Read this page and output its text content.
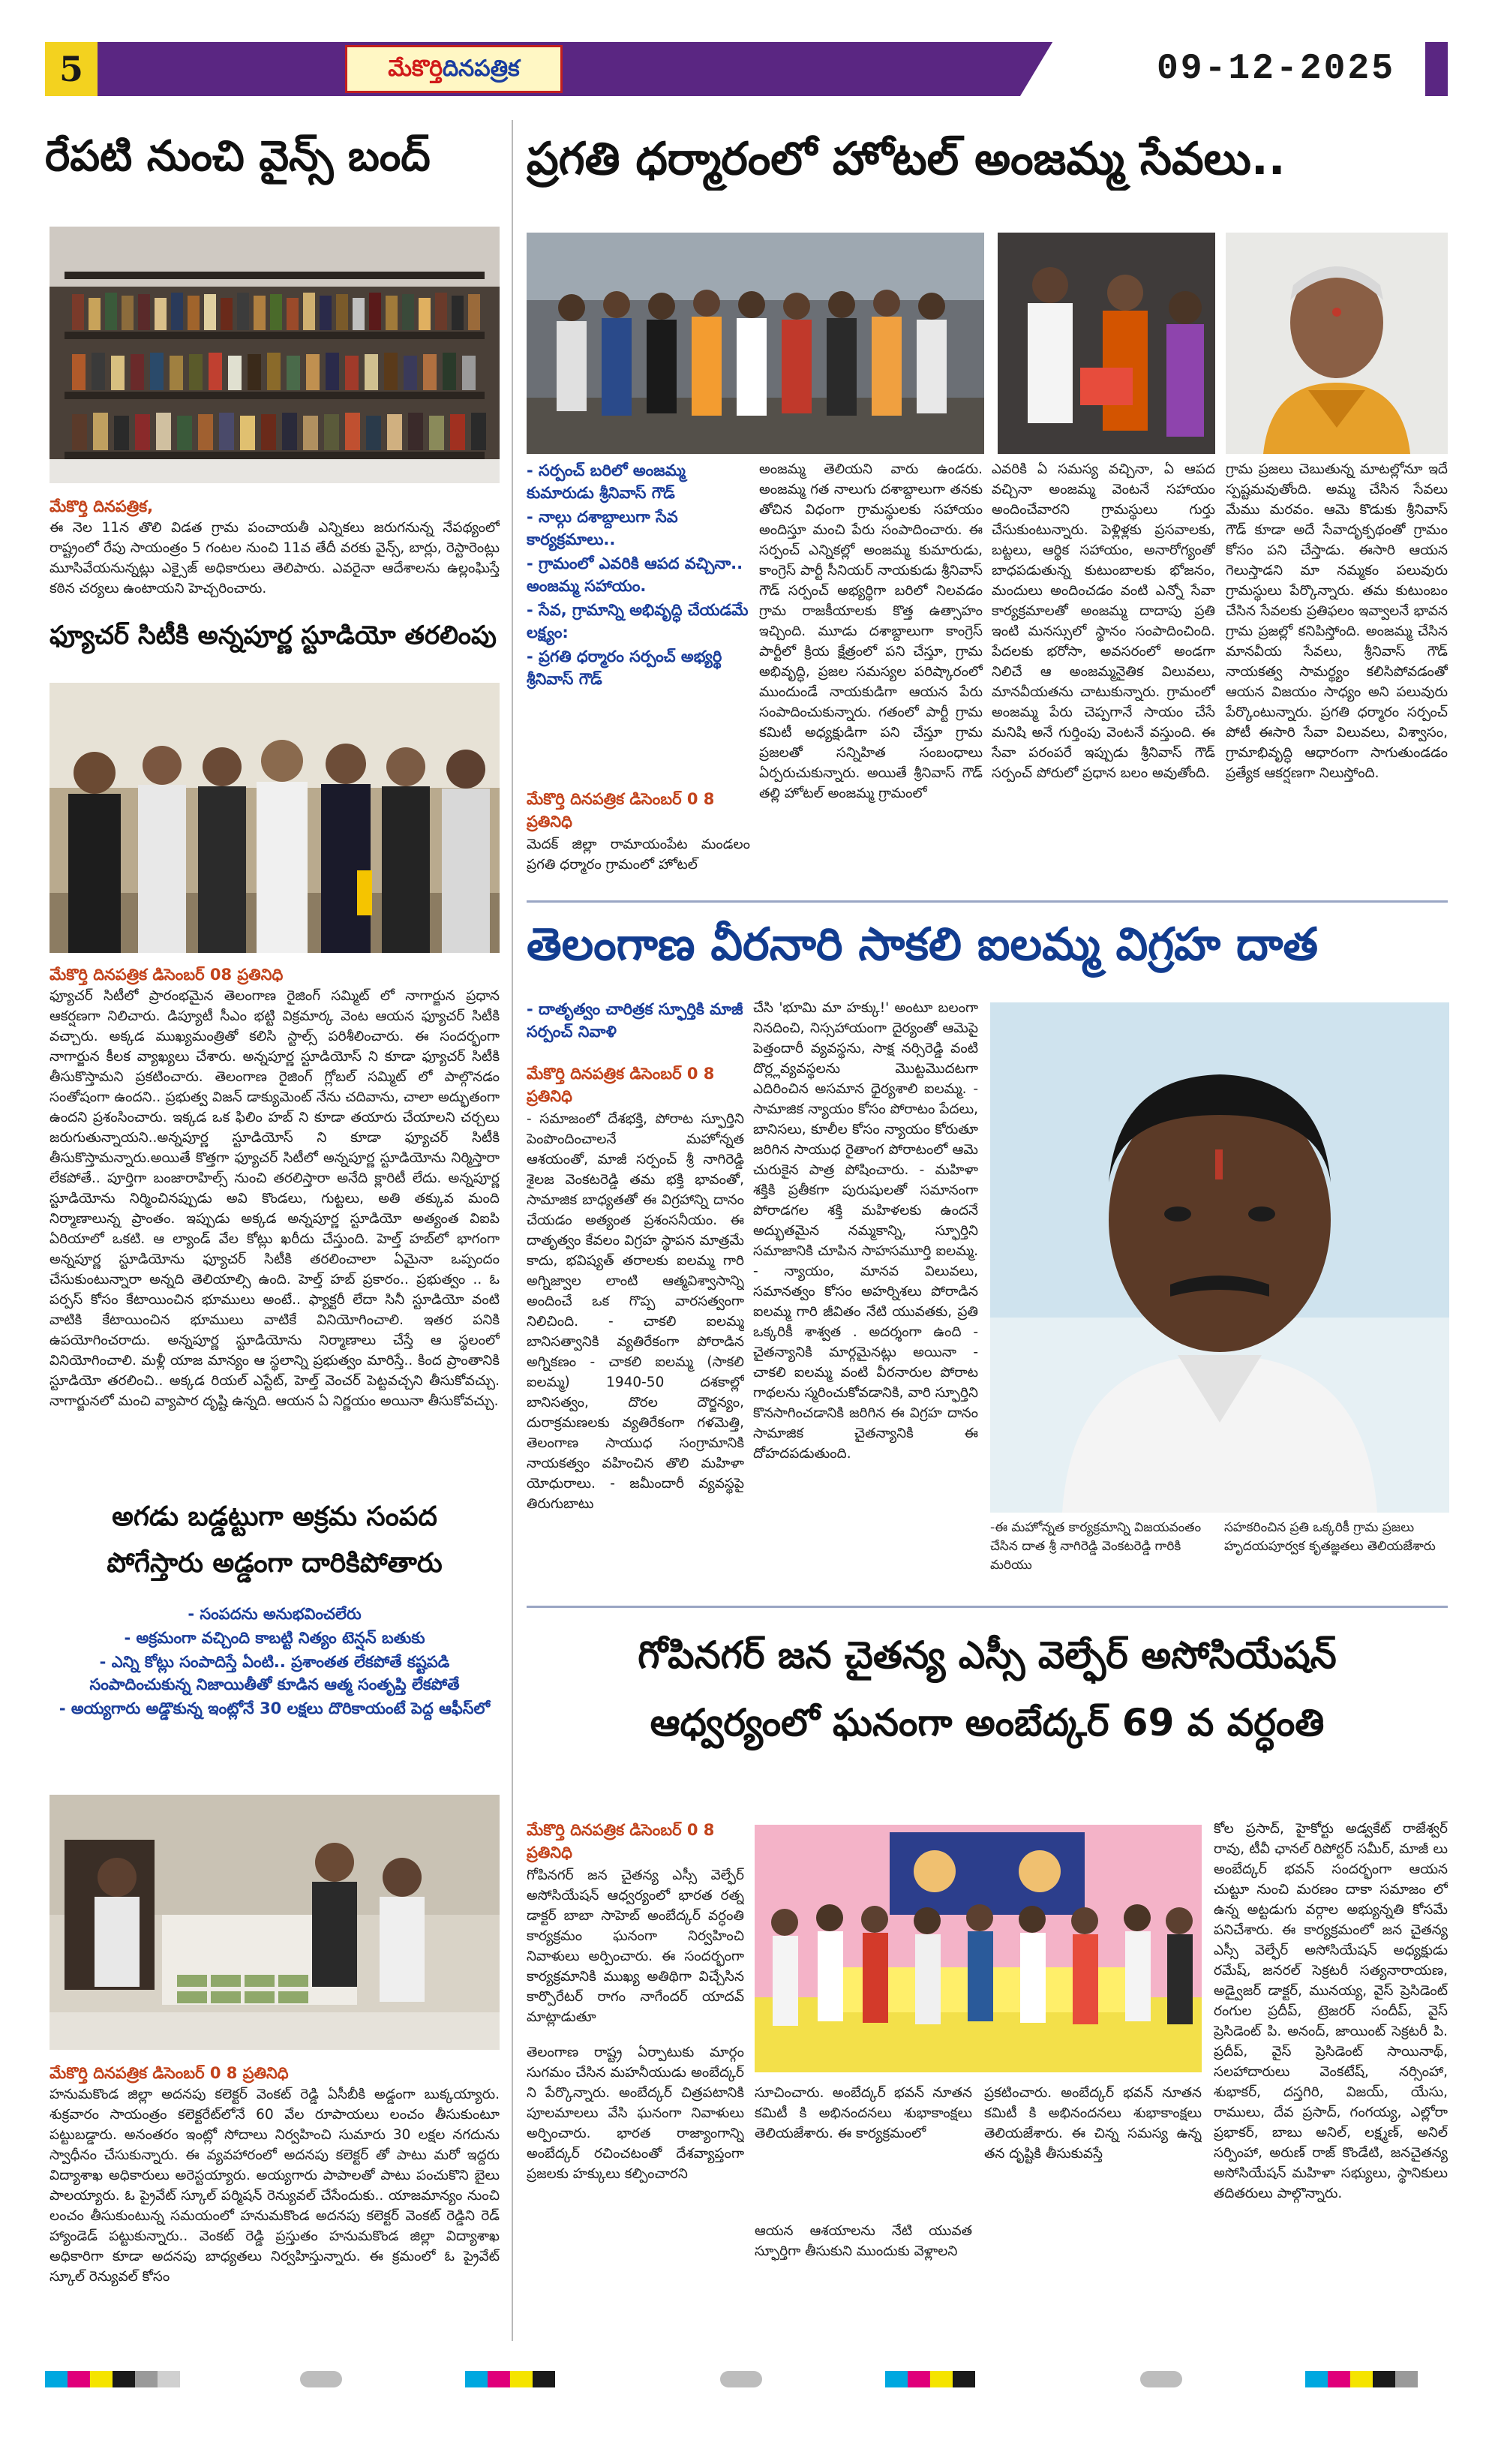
5	మేకొర్తిదినపత్రిక	09-12-2025
రేపటి నుంచి వైన్స్ బంద్
మేకొర్తి దినపత్రిక,
ఈ నెల 11న తొలి విడత గ్రామ పంచాయతీ ఎన్నికలు జరుగనున్న నేపథ్యంలో రాష్ట్రంలో రేపు సాయంత్రం 5 గంటల నుంచి 11వ తేదీ వరకు వైన్స్, బార్లు, రెస్టారెంట్లు మూసివేయనున్నట్లు ఎక్సైజ్ అధికారులు తెలిపారు. ఎవరైనా ఆదేశాలను ఉల్లంఘిస్తే కఠిన చర్యలు ఉంటాయని హెచ్చరించారు.
ఫ్యూచర్ సిటీకి అన్నపూర్ణ స్టూడియో తరలింపు
మేకొర్తి దినపత్రిక డిసెంబర్ 08 ప్రతినిధి
ఫ్యూచర్ సిటీలో ప్రారంభమైన తెలంగాణ రైజింగ్ సమ్మిట్ లో నాగార్జున ప్రధాన ఆకర్షణగా నిలిచారు. డిప్యూటీ సీఎం భట్టి విక్రమార్క వెంట ఆయన ఫ్యూచర్ సిటీకి వచ్చారు. అక్కడ ముఖ్యమంత్రితో కలిసి స్టాల్స్ పరిశీలించారు. ఈ సందర్భంగా నాగార్జున కీలక వ్యాఖ్యలు చేశారు. అన్నపూర్ణ స్టూడియోస్ ని కూడా ఫ్యూచర్ సిటీకి తీసుకొస్తామని ప్రకటించారు. తెలంగాణ రైజింగ్ గ్లోబల్ సమ్మిట్ లో పాల్గొనడం సంతోషంగా ఉందని.. ప్రభుత్వ విజన్ డాక్యుమెంట్ నేను చదివాను, చాలా అద్భుతంగా ఉందని ప్రశంసించారు. ఇక్కడ ఒక ఫిలిం హబ్ ని కూడా తయారు చేయాలని చర్చలు జరుగుతున్నాయని..అన్నపూర్ణ స్టూడియోస్ ని కూడా ఫ్యూచర్ సిటీకి తీసుకొస్తామన్నారు.అయితే కొత్తగా ఫ్యూచర్ సిటీలో అన్నపూర్ణ స్టూడియోను నిర్మిస్తారా లేకపోతే.. పూర్తిగా బంజారాహిల్స్ నుంచి తరలిస్తారా అనేది క్లారిటీ లేదు. అన్నపూర్ణ స్టూడియోను నిర్మించినప్పుడు అవి కొండలు, గుట్టలు, అతి తక్కువ మంది నిర్మాణాలున్న ప్రాంతం. ఇప్పుడు అక్కడ అన్నపూర్ణ స్టూడియో అత్యంత విఐపి ఏరియాలో ఒకటి. ఆ ల్యాండ్ వేల కోట్లు ఖరీదు చేస్తుంది. హెల్త్ హబ్‌లో భాగంగా అన్నపూర్ణ స్టూడియోను ఫ్యూచర్ సిటీకి తరలించాలా ఏమైనా ఒప్పందం చేసుకుంటున్నారా అన్నది తెలియాల్సి ఉంది. హెల్త్ హబ్ ప్రకారం.. ప్రభుత్వం .. ఓ పర్పస్ కోసం కేటాయించిన భూములు అంటే.. ఫ్యాక్టరీ లేదా సినీ స్టూడియో వంటి వాటికి కేటాయించిన భూములు వాటికే వినియోగించాలి. ఇతర పనికి ఉపయోగించరాదు. అన్నపూర్ణ స్టూడియోను నిర్మాణాలు చేస్తే ఆ స్థలంలో వినియోగించాలి. మళ్లీ యాజ మాన్యం ఆ స్థలాన్ని ప్రభుత్వం మారిస్తే.. కింద ప్రాంతానికి స్టూడియో తరలించి.. అక్కడ రియల్ ఎస్టేట్, హెల్త్ వెంచర్ పెట్టవచ్చని తీసుకోవచ్చు. నాగార్జునలో మంచి వ్యాపార దృష్టి ఉన్నది. ఆయన ఏ నిర్ణయం అయినా తీసుకోవచ్చు.
అగడు బడ్డట్టుగా అక్రమ సంపద
పోగేస్తారు అడ్డంగా దారికిపోతారు
- సంపదను అనుభవించలేరు
- అక్రమంగా వచ్చింది కాబట్టి నిత్యం టెన్షన్ బతుకు
- ఎన్ని కోట్లు సంపాదిస్తే ఏంటి.. ప్రశాంతత లేకపోతే కష్టపడి సంపాదించుకున్న నిజాయితీతో కూడిన ఆత్మ సంతృప్తి లేకపోతే
- అయ్యగారు అడ్డొకున్న ఇంట్లోనే 30 లక్షలు దొరికాయంటే పెద్ద ఆఫీస్‌లో
మేకొర్తి దినపత్రిక డిసెంబర్ 0 8 ప్రతినిధి
హనుమకొండ జిల్లా అదనపు కలెక్టర్ వెంకట్ రెడ్డి ఏసీబీకి అడ్డంగా బుక్కయ్యారు. శుక్రవారం సాయంత్రం కలెక్టరేట్‌లోనే 60 వేల రూపాయలు లంచం తీసుకుంటూ పట్టుబడ్డారు. అనంతరం ఇంట్లో సోదాలు నిర్వహించి సుమారు 30 లక్షల నగదును స్వాధీనం చేసుకున్నారు. ఈ వ్యవహారంలో అదనపు కలెక్టర్ తో పాటు మరో ఇద్దరు విద్యాశాఖ అధికారులు అరెస్టయ్యారు. అయ్యగారు పాపాలతో పాటు పంచుకొని బైలు పాలయ్యారు. ఓ ప్రైవేట్ స్కూల్ పర్మిషన్ రెన్యువల్ చేసేందుకు.. యాజమాన్యం నుంచి లంచం తీసుకుంటున్న సమయంలో హనుమకొండ అదనపు కలెక్టర్ వెంకట్ రెడ్డిని రెడ్ హ్యాండెడ్ పట్టుకున్నారు.. వెంకట్ రెడ్డి ప్రస్తుతం హనుమకొండ జిల్లా విద్యాశాఖ అధికారిగా కూడా అదనపు బాధ్యతలు నిర్వహిస్తున్నారు. ఈ క్రమంలో ఓ ప్రైవేట్ స్కూల్ రెన్యువల్ కోసం
ప్రగతి ధర్మారంలో హోటల్ అంజమ్మ సేవలు..
- సర్పంచ్ బరిలో అంజమ్మ కుమారుడు శ్రీనివాస్ గౌడ్
- నాల్గు దశాబ్దాలుగా సేవ కార్యక్రమాలు..
- గ్రామంలో ఎవరికి ఆపద వచ్చినా.. అంజమ్మ సహాయం.
- సేవ, గ్రామాన్ని అభివృద్ధి చేయడమే లక్ష్యం:
- ప్రగతి ధర్మారం సర్పంచ్ అభ్యర్థి శ్రీనివాస్ గౌడ్
మేకొర్తి దినపత్రిక డిసెంబర్ 0 8 ప్రతినిధి
మెదక్ జిల్లా రామాయంపేట మండలం ప్రగతి ధర్మారం గ్రామంలో హోటల్
అంజమ్మ తెలియని వారు ఉండరు. అంజమ్మ గత నాలుగు దశాబ్దాలుగా తనకు తోచిన విధంగా గ్రామస్థులకు సహాయం అందిస్తూ మంచి పేరు సంపాదించారు. ఈ సర్పంచ్ ఎన్నికల్లో అంజమ్మ కుమారుడు, కాంగ్రెస్ పార్టీ సీనియర్ నాయకుడు శ్రీనివాస్ గౌడ్ సర్పంచ్ అభ్యర్థిగా బరిలో నిలవడం గ్రామ రాజకీయాలకు కొత్త ఉత్సాహం ఇచ్చింది. మూడు దశాబ్దాలుగా కాంగ్రెస్ పార్టీలో క్రియ క్షేత్రంలో పని చేస్తూ, గ్రామ అభివృద్ధి, ప్రజల సమస్యల పరిష్కారంలో ముందుండే నాయకుడిగా ఆయన పేరు సంపాదించుకున్నారు. గతంలో పార్టీ గ్రామ కమిటీ అధ్యక్షుడిగా పని చేస్తూ గ్రామ ప్రజలతో సన్నిహిత సంబంధాలు ఏర్పరుచుకున్నారు. అయితే శ్రీనివాస్ గౌడ్ తల్లి హోటల్ అంజమ్మ గ్రామంలో
ఎవరికి ఏ సమస్య వచ్చినా, ఏ ఆపద వచ్చినా అంజమ్మ వెంటనే సహాయం అందించేవారని గ్రామస్థులు గుర్తు చేసుకుంటున్నారు. పెళ్లిళ్లకు ప్రసవాలకు, బట్టలు, ఆర్థిక సహాయం, అనారోగ్యంతో బాధపడుతున్న కుటుంబాలకు భోజనం, మందులు అందించడం వంటి ఎన్నో సేవా కార్యక్రమాలతో అంజమ్మ దాదాపు ప్రతి ఇంటి మనస్సులో స్థానం సంపాదించింది. పేదలకు భరోసా, అవసరంలో అండగా నిలిచే ఆ అంజమ్మనైతిక విలువలు, మానవీయతను చాటుకున్నారు. గ్రామంలో అంజమ్మ పేరు చెప్పగానే సాయం చేసే మనిషి అనే గుర్తింపు వెంటనే వస్తుంది. ఈ సేవా పరంపరే ఇప్పుడు శ్రీనివాస్ గౌడ్ సర్పంచ్ పోరులో ప్రధాన బలం అవుతోంది.
గ్రామ ప్రజలు చెబుతున్న మాటల్లోనూ ఇదే స్పష్టమవుతోంది. అమ్మ చేసిన సేవలు మేము మరవం. ఆమె కొడుకు శ్రీనివాస్ గౌడ్ కూడా అదే సేవాదృక్పథంతో గ్రామం కోసం పని చేస్తాడు. ఈసారి ఆయన గెలుస్తాడని మా నమ్మకం పలువురు గ్రామస్థులు పేర్కొన్నారు. తమ కుటుంబం చేసిన సేవలకు ప్రతిఫలం ఇవ్వాలనే భావన గ్రామ ప్రజల్లో కనిపిస్తోంది. అంజమ్మ చేసిన మానవీయ సేవలు, శ్రీనివాస్ గౌడ్ నాయకత్వ సామర్థ్యం కలిసిపోవడంతో ఆయన విజయం సాధ్యం అని పలువురు పేర్కొంటున్నారు. ప్రగతి ధర్మారం సర్పంచ్ పోటీ ఈసారి సేవా విలువలు, విశ్వాసం, గ్రామాభివృద్ధి ఆధారంగా సాగుతుండడం ప్రత్యేక ఆకర్షణగా నిలుస్తోంది.
తెలంగాణ వీరనారి సాకలి ఐలమ్మ విగ్రహ దాత
- దాతృత్వం చారిత్రక స్ఫూర్తికి మాజీ సర్పంచ్ నివాళి
మేకొర్తి దినపత్రిక డిసెంబర్ 0 8 ప్రతినిధి
- సమాజంలో దేశభక్తి, పోరాట స్ఫూర్తిని పెంపొందించాలనే మహోన్నత ఆశయంతో, మాజీ సర్పంచ్ శ్రీ నాగిరెడ్డి శైలజ వెంకటరెడ్డి తమ భక్తి భావంతో, సామాజిక బాధ్యతతో ఈ విగ్రహాన్ని దానం చేయడం అత్యంత ప్రశంసనీయం. ఈ దాతృత్వం కేవలం విగ్రహ స్థాపన మాత్రమే కాదు, భవిష్యత్ తరాలకు ఐలమ్మ గారి అగ్నిజ్వాల లాంటి ఆత్మవిశ్వాసాన్ని అందించే ఒక గొప్ప వారసత్వంగా నిలిచింది. - చాకలి ఐలమ్మ బానిసత్వానికి వ్యతిరేకంగా పోరాడిన అగ్నికణం - చాకలి ఐలమ్మ (సాకలి ఐలమ్మ) 1940-50 దశకాల్లో బానిసత్వం, దొరల దౌర్జన్యం, దురాక్రమణలకు వ్యతిరేకంగా గళమెత్తి, తెలంగాణ సాయుధ సంగ్రామానికి నాయకత్వం వహించిన తొలి మహిళా యోధురాలు. - జమీందారీ వ్యవస్థపై తిరుగుబాటు
చేసి 'భూమి మా హక్కు!' అంటూ బలంగా నినదించి, నిస్సహాయంగా దైర్యంతో ఆమెపై పెత్తందారీ వ్యవస్థను, సాక్ష నర్సిరెడ్డి వంటి దొర్ల్లవ్యవస్థలను మొట్టమొదటగా ఎదిరించిన అసమాన ధైర్యశాలి ఐలమ్మ. - సామాజిక న్యాయం కోసం పోరాటం పేదలు, బానిసలు, కూలీల కోసం న్యాయం కోరుతూ జరిగిన సాయుధ రైతాంగ పోరాటంలో ఆమె చురుకైన పాత్ర పోషించారు. - మహిళా శక్తికి ప్రతీకగా పురుషులతో సమానంగా పోరాడగల శక్తి మహిళలకు ఉందనే అద్భుతమైన నమ్మకాన్ని, స్ఫూర్తిని సమాజానికి చూపిన సాహసమూర్తి ఐలమ్మ. - న్యాయం, మానవ విలువలు, సమానత్వం కోసం అహర్నిశలు పోరాడిన ఐలమ్మ గారి జీవితం నేటి యువతకు, ప్రతి ఒక్కరికీ శాశ్వత . అదర్శంగా ఉంది - చైతన్యానికి మార్గమైనట్లు అయినా - చాకలి ఐలమ్మ వంటి వీరనారుల పోరాట గాథలను స్మరించుకోవడానికి, వారి స్ఫూర్తిని కొనసాగించడానికి జరిగిన ఈ విగ్రహ దానం సామాజిక చైతన్యానికి ఈ దోహదపడుతుంది.
-ఈ మహోన్నత కార్యక్రమాన్ని విజయవంతం చేసిన దాత శ్రీ నాగిరెడ్డి వెంకటరెడ్డి గారికి మరియు
సహకరించిన ప్రతి ఒక్కరికీ గ్రామ ప్రజలు హృదయపూర్వక కృతజ్ఞతలు తెలియజేశారు
గోపినగర్ జన చైతన్య ఎస్సీ వెల్ఫేర్ అసోసియేషన్
ఆధ్వర్యంలో ఘనంగా అంబేద్కర్ 69 వ వర్ధంతి
మేకొర్తి దినపత్రిక డిసెంబర్ 0 8 ప్రతినిధి
గోపినగర్ జన చైతన్య ఎస్సీ వెల్ఫేర్ అసోసియేషన్ ఆధ్వర్యంలో భారత రత్న డాక్టర్ బాబా సాహెబ్ అంబేద్కర్ వర్ధంతి కార్యక్రమం ఘనంగా నిర్వహించి నివాళులు అర్పించారు. ఈ సందర్భంగా కార్యక్రమానికి ముఖ్య అతిథిగా విచ్చేసిన కార్పొరేటర్ రాగం నాగేందర్ యాదవ్ మాట్లాడుతూ
తెలంగాణ రాష్ట్ర ఏర్పాటుకు మార్గం సుగమం చేసిన మహనీయుడు అంబేద్కర్ ని పేర్కొన్నారు. అంబేద్కర్ చిత్రపటానికి పూలమాలలు వేసి ఘనంగా నివాళులు అర్పించారు. భారత రాజ్యాంగాన్ని అంబేద్కర్ రచించటంతో దేశవ్యాప్తంగా ప్రజలకు హక్కులు కల్పించారని
సూచించారు. అంబేద్కర్ భవన్ నూతన కమిటీ కి అభినందనలు శుభాకాంక్షలు తెలియజేశారు. ఈ కార్యక్రమంలో
ఆయన ఆశయాలను నేటి యువత స్ఫూర్తిగా తీసుకుని ముందుకు వెళ్లాలని
ప్రకటించారు. అంబేద్కర్ భవన్ నూతన కమిటీ కి అభినందనలు శుభాకాంక్షలు తెలియజేశారు. ఈ చిన్న సమస్య ఉన్న తన దృష్టికి తీసుకువస్తే
కోల ప్రసాద్, హైకోర్టు అడ్వకేట్ రాజేశ్వర్ రావు, టీవీ ఛానల్ రిపోర్టర్ సమీర్, మాజీ లు అంబేద్కర్ భవన్ సందర్భంగా ఆయన చుట్టూ నుంచి మరణం దాకా సమాజం లో ఉన్న అట్టడుగు వర్గాల అభ్యున్నతి కోసమే పనిచేశారు. ఈ కార్యక్రమంలో జన చైతన్య ఎస్సీ వెల్ఫేర్ అసోసియేషన్ అధ్యక్షుడు రమేష్, జనరల్ సెక్రటరీ సత్యనారాయణ, అడ్వైజర్ డాక్టర్, మునయ్య, వైస్ ప్రెసిడెంట్ రంగుల ప్రదీప్, ట్రెజరర్ సందీప్, వైస్ ప్రెసిడెంట్ పి. అనంద్, జాయింట్ సెక్రటరీ పి. ప్రదీప్, వైస్ ప్రెసిడెంట్ సాయినాథ్, సలహాదారులు వెంకటేష్, నర్సింహా, శుభాకర్, దస్తగిరి, విజయ్, యేసు, రాములు, దేవ ప్రసాద్, గంగయ్య, ఎల్లోరా ప్రభాకర్, బాబు అనిల్, లక్ష్మణ్, అనిల్ సర్పింహా, అరుణ్ రాజ్ కొండేటి, జనచైతన్య అసోసియేషన్ మహిళా సభ్యులు, స్థానికులు తదితరులు పాల్గొన్నారు.
